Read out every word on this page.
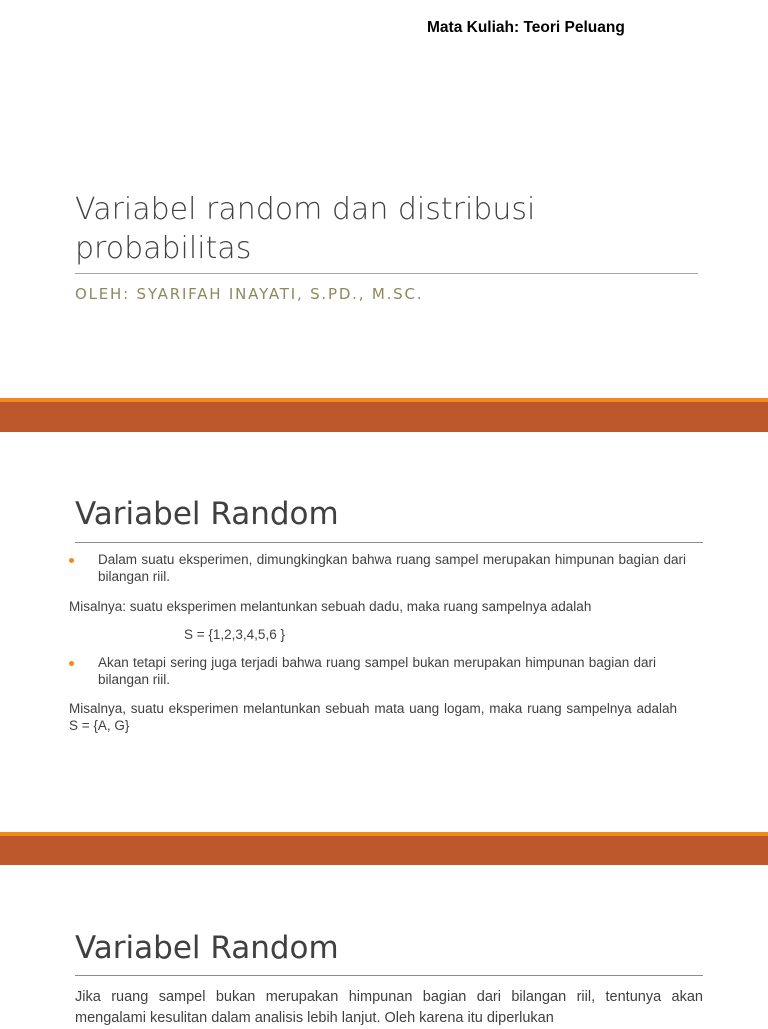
Mata Kuliah: Teori Peluang
Variabel random dan distribusi probabilitas
OLEH: SYARIFAH INAYATI, S.PD., M.SC.
Variabel Random

Dalam suatu eksperimen, dimungkingkan bahwa ruang sampel merupakan himpunan bagian dari bilangan riil.

Misalnya: suatu eksperimen melantunkan sebuah dadu, maka ruang sampelnya adalah

S = {1,2,3,4,5,6 }

Akan tetapi sering juga terjadi bahwa ruang sampel bukan merupakan himpunan bagian dari bilangan riil.

Misalnya, suatu eksperimen melantunkan sebuah mata uang logam, maka ruang sampelnya adalah S = {A, G}

Variabel Random

Jika ruang sampel bukan merupakan himpunan bagian dari bilangan riil, tentunya akan mengalami kesulitan dalam analisis lebih lanjut. Oleh karena itu diperlukan
